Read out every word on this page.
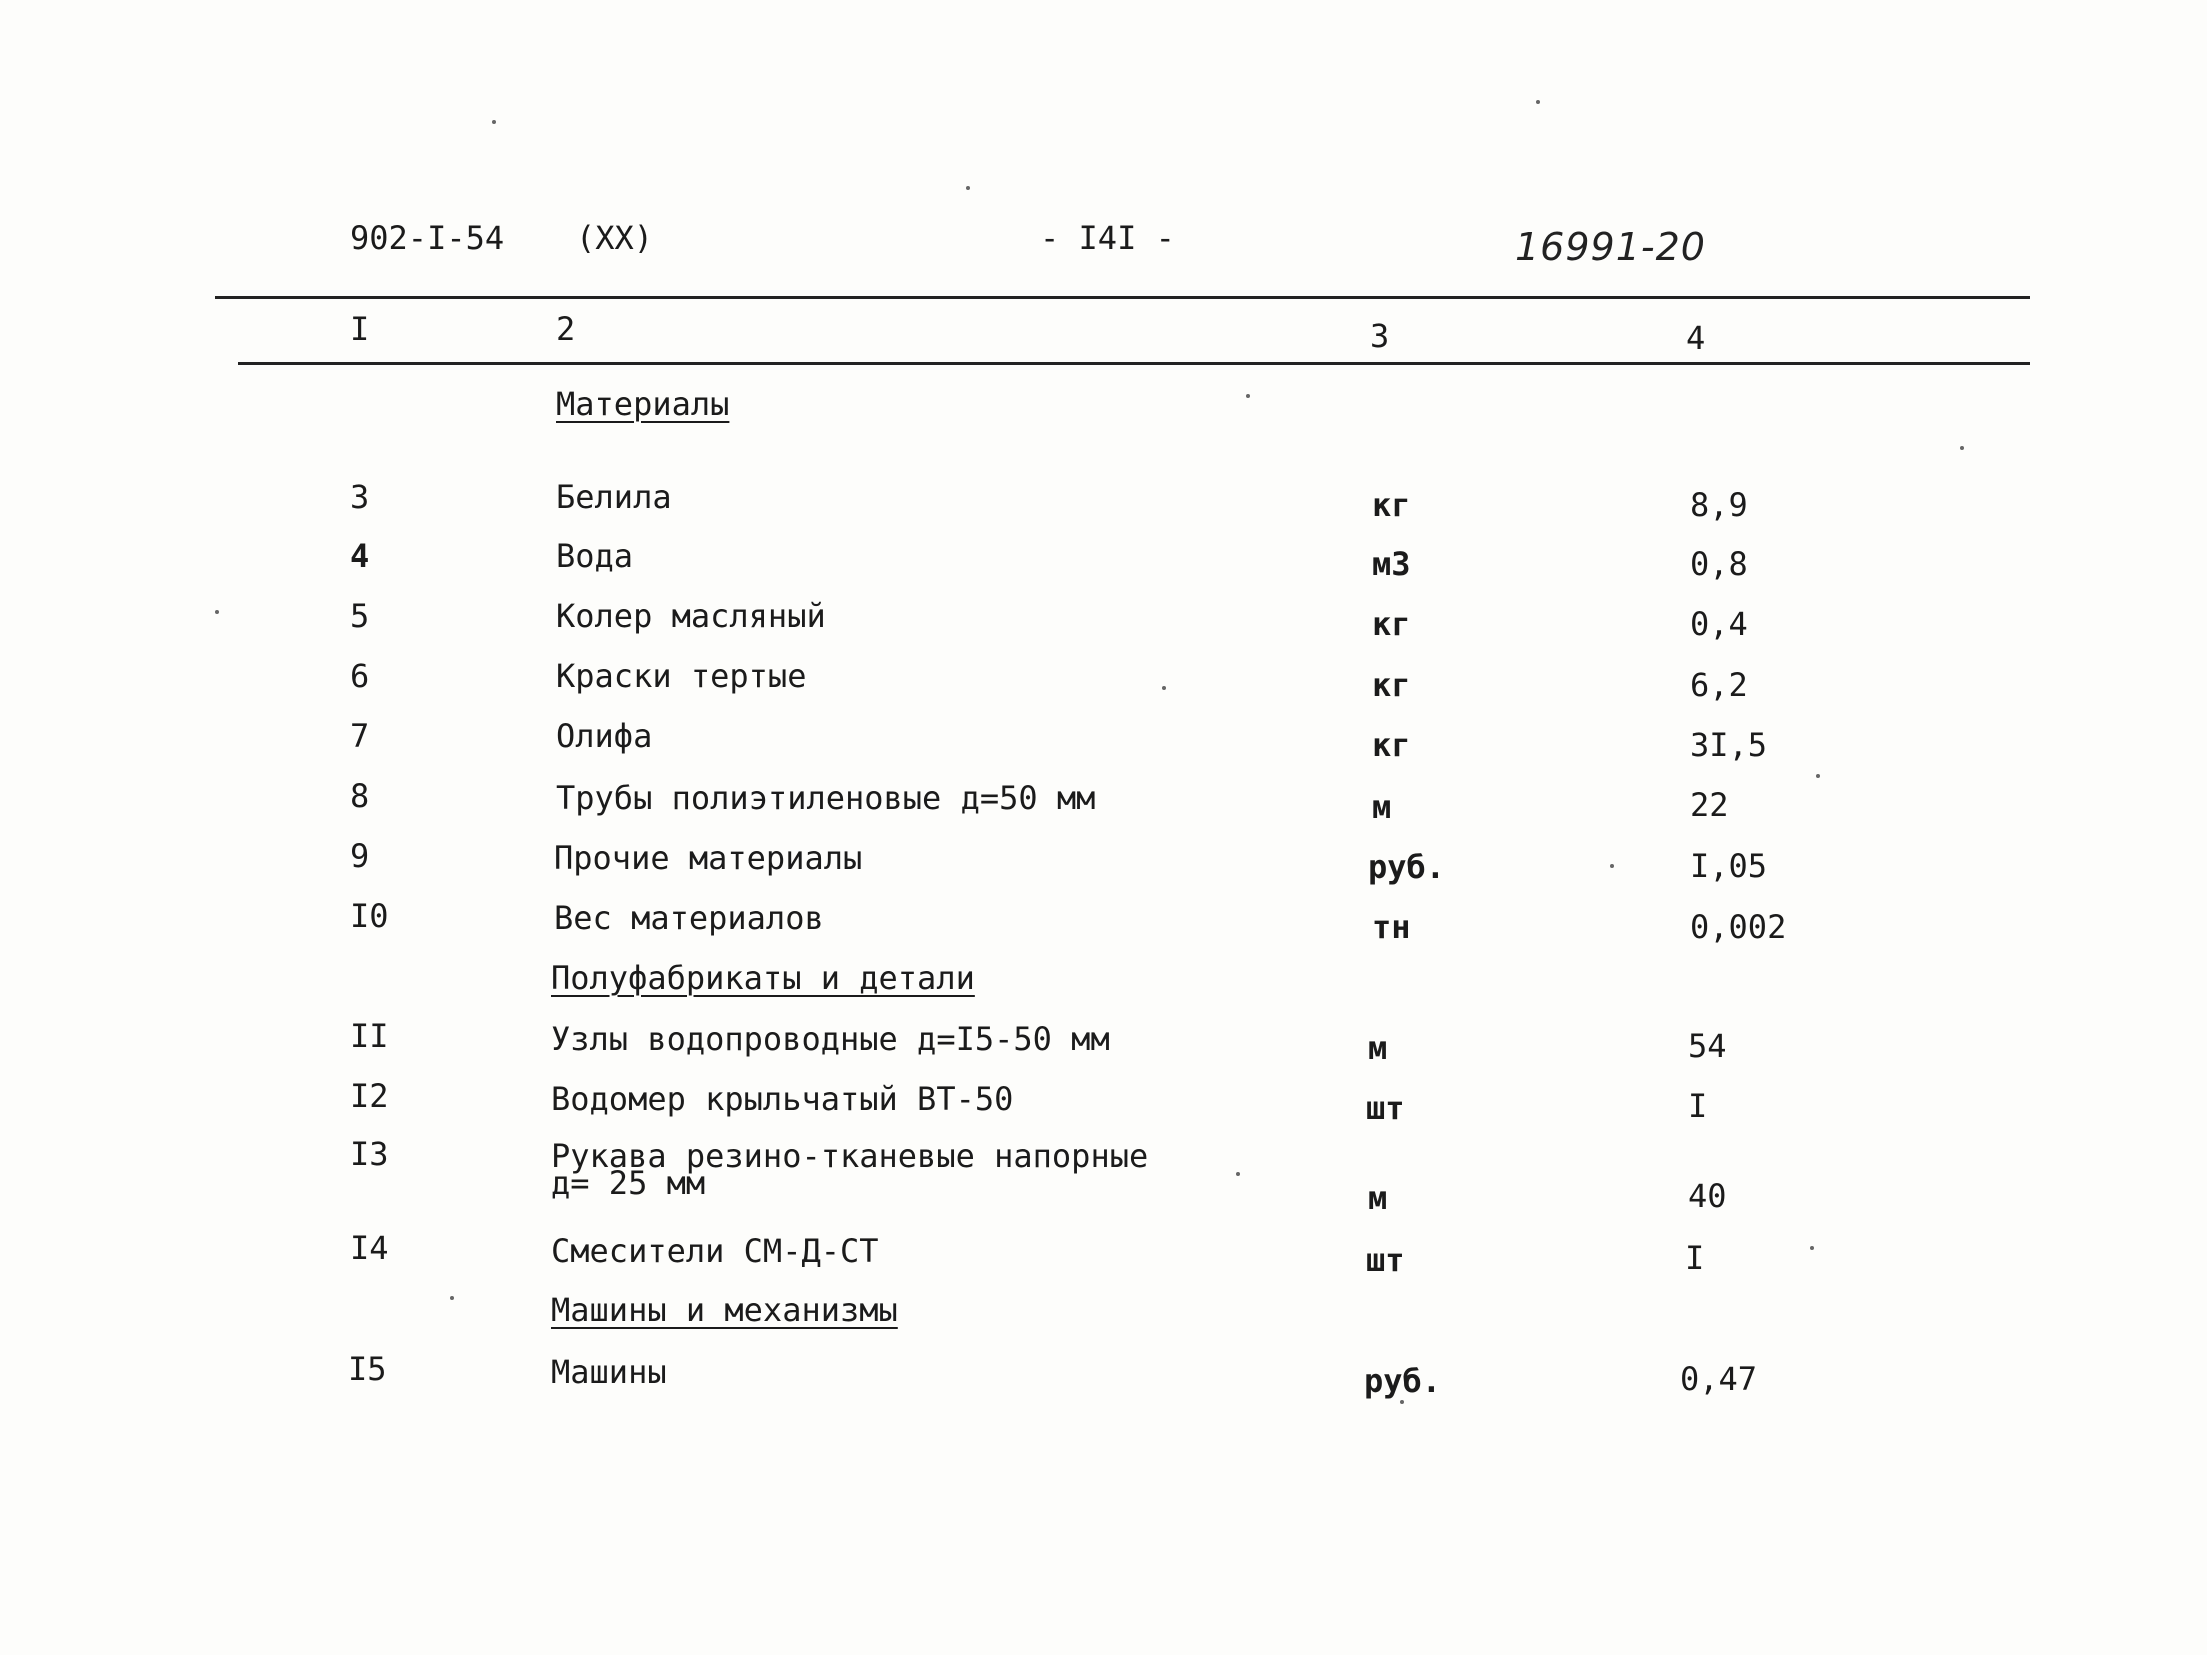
902-I-54 (XX)	- I4I -	16991-20
I	2	3	4
Материалы
3	Белила	кг	8,9
4	Вода	м3	0,8
5	Колер масляный	кг	0,4
6	Краски тертые	кг	6,2
7	Олифа	кг	3I,5
8	Трубы полиэтиленовые д=50 мм	м	22
9	Прочие материалы	руб.	I,05
I0	Вес материалов	тн	0,002
Полуфабрикаты и детали
II	Узлы водопроводные д=I5-50 мм	м	54
I2	Водомер крыльчатый ВТ-50	шт	I
I3	Рукава резино-тканевые напорные д= 25 мм	м	40
I4	Смесители СМ-Д-СТ	шт	I
Машины и механизмы
I5	Машины	руб.	0,47
